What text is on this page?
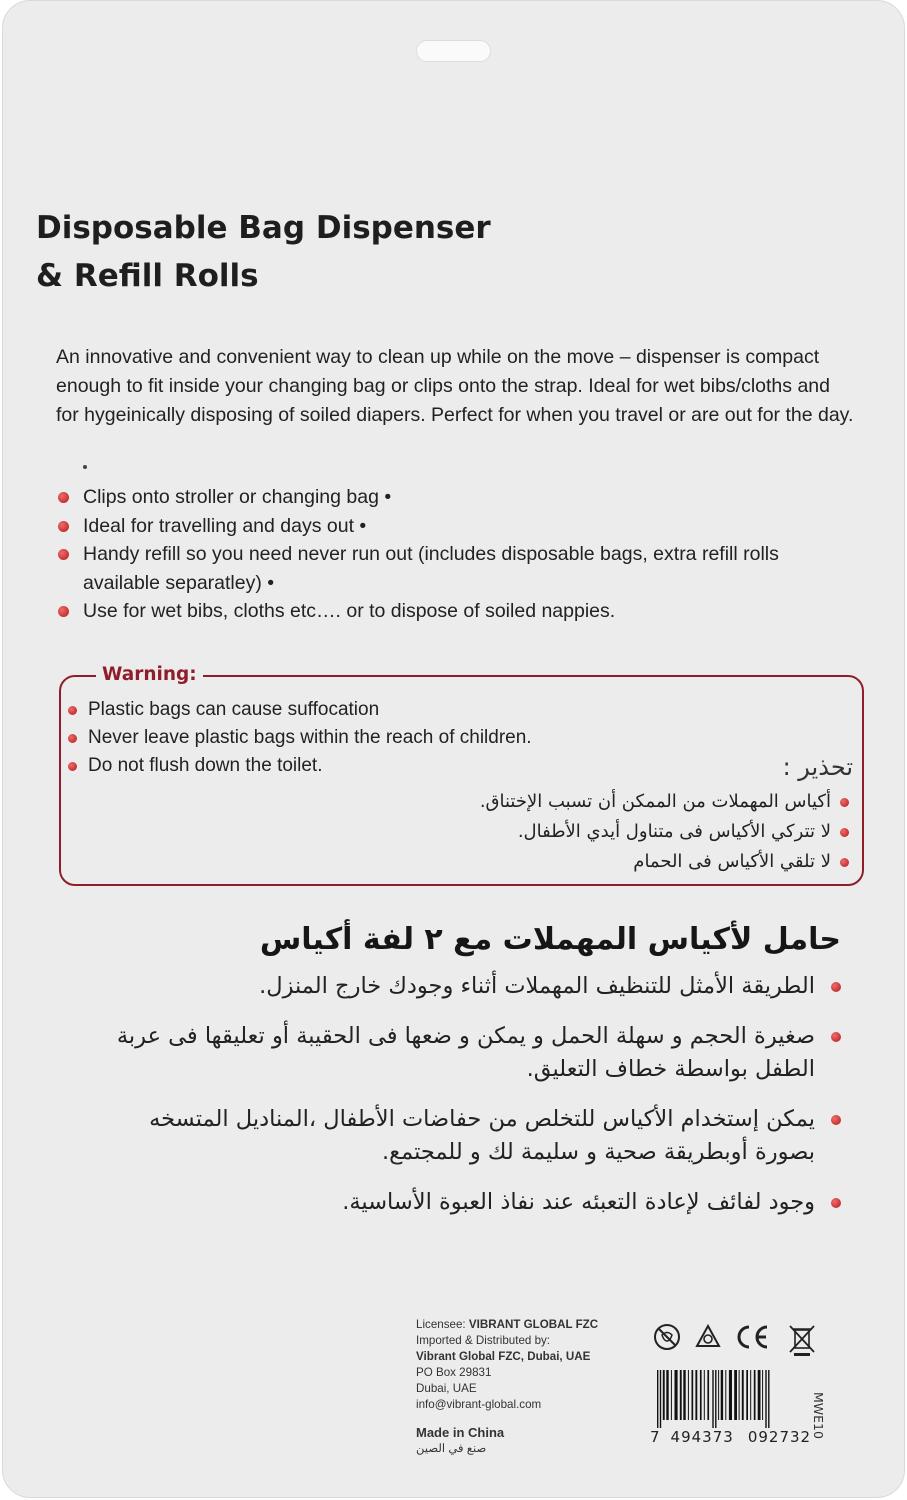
Disposable Bag Dispenser
& Refill Rolls

An innovative and convenient way to clean up while on the move – dispenser is compact enough to fit inside your changing bag or clips onto the strap. Ideal for wet bibs/cloths and for hygeinically disposing of soiled diapers. Perfect for when you travel or are out for the day.

Clips onto stroller or changing bag •
Ideal for travelling and days out •
Handy refill so you need never run out (includes disposable bags, extra refill rolls available separatley) •
Use for wet bibs, cloths etc…. or to dispose of soiled nappies.
Warning:
Plastic bags can cause suffocation
Never leave plastic bags within the reach of children.
Do not flush down the toilet.	تحذير :
أكياس المهملات من الممكن أن تسبب الإختناق.
لا تتركي الأكياس فى متناول أيدي الأطفال.
لا تلقي الأكياس فى الحمام
حامل لأكياس المهملات مع ٢ لفة أكياس
الطريقة الأمثل للتنظيف المهملات أثناء وجودك خارج المنزل.
صغيرة الحجم و سهلة الحمل و يمكن و ضعها فى الحقيبة أو تعليقها فى عربة الطفل بواسطة خطاف التعليق.
يمكن إستخدام الأكياس للتخلص من حفاضات الأطفال ،المناديل المتسخه بصورة أوبطريقة صحية و سليمة لك و للمجتمع.
وجود لفائف لإعادة التعبئه عند نفاذ العبوة الأساسية.
Licensee: VIBRANT GLOBAL FZC
Imported & Distributed by:
Vibrant Global FZC, Dubai, UAE
PO Box 29831
Dubai, UAE
info@vibrant-global.com
Made in China
صنع في الصين
MWE10
7 494373 092732
